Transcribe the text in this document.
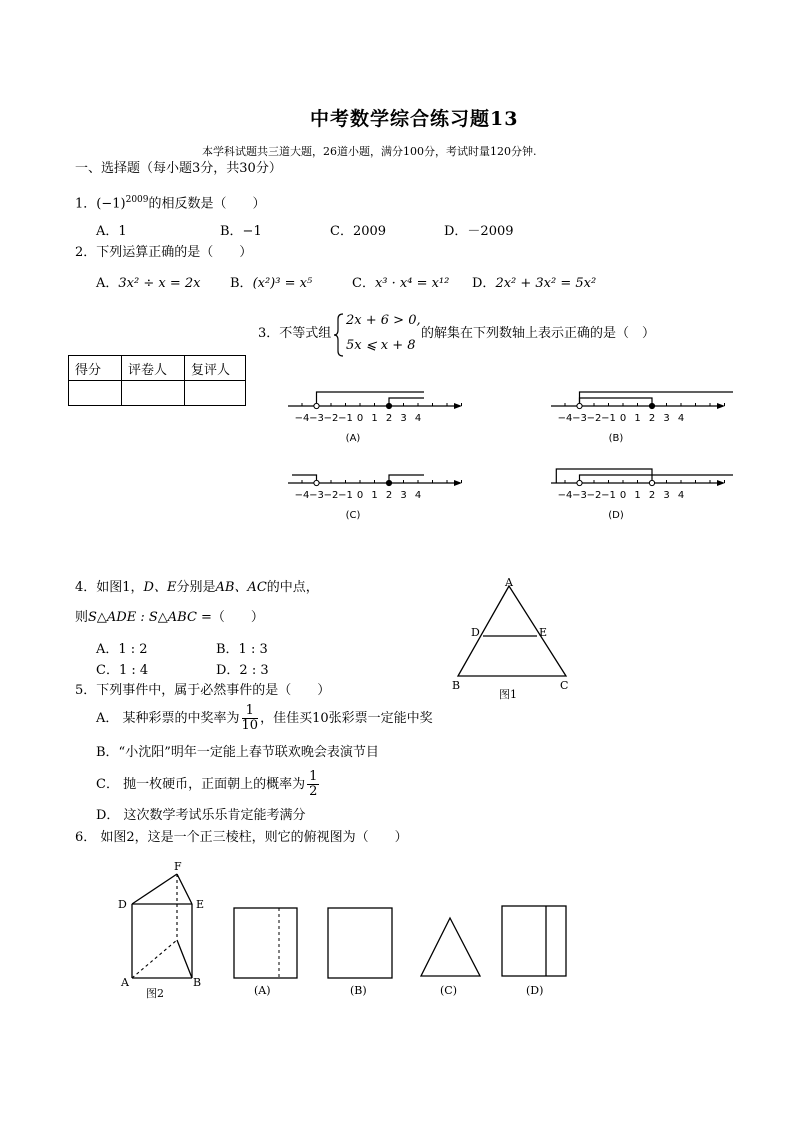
中考数学综合练习题13
本学科试题共三道大题，26道小题，满分100分，考试时量120分钟.
一、选择题（每小题3分，共30分）
1．$(-1)^{2009}$的相反数是（　　）
A．1	B．−1	C．2009	D．－2009
2．下列运算正确的是（　　）
A．3x² ÷ x = 2x B．(x²)³ = x⁵	C．x³ · x⁴ = x¹² D．2x² + 3x² = 5x²
3．不等式组
2x + 6 > 0,
5x ⩽ x + 8
的解集在下列数轴上表示正确的是（　）
得分	评卷人	复评人

−4 −3 −2 −1 0 1 2 3 4
(A)
−4 −3 −2 −1 0 1 2 3 4
(B)
−4 −3 −2 −1 0 1 2 3 4
(C)
−4 −3 −2 −1 0 1 2 3 4
(D)
4．如图1，D、E分别是AB、AC的中点，
则S△ADE : S△ABC =（　　）
A．1 : 2	B．1 : 3
C．1 : 4	D．2 : 3
A
D	E
B	C
图1
5．下列事件中，属于必然事件的是（　　）
A． 某种彩票的中奖率为 $\frac{1}{10}$ ，佳佳买10张彩票一定能中奖
B．“小沈阳”明年一定能上春节联欢晚会表演节目
C． 抛一枚硬币，正面朝上的概率为 $\frac{1}{2}$
D． 这次数学考试乐乐肯定能考满分
6． 如图2，这是一个正三棱柱，则它的俯视图为（　　）
F
D	E
A	B
图2	(A)	(B)	(C)	(D)
